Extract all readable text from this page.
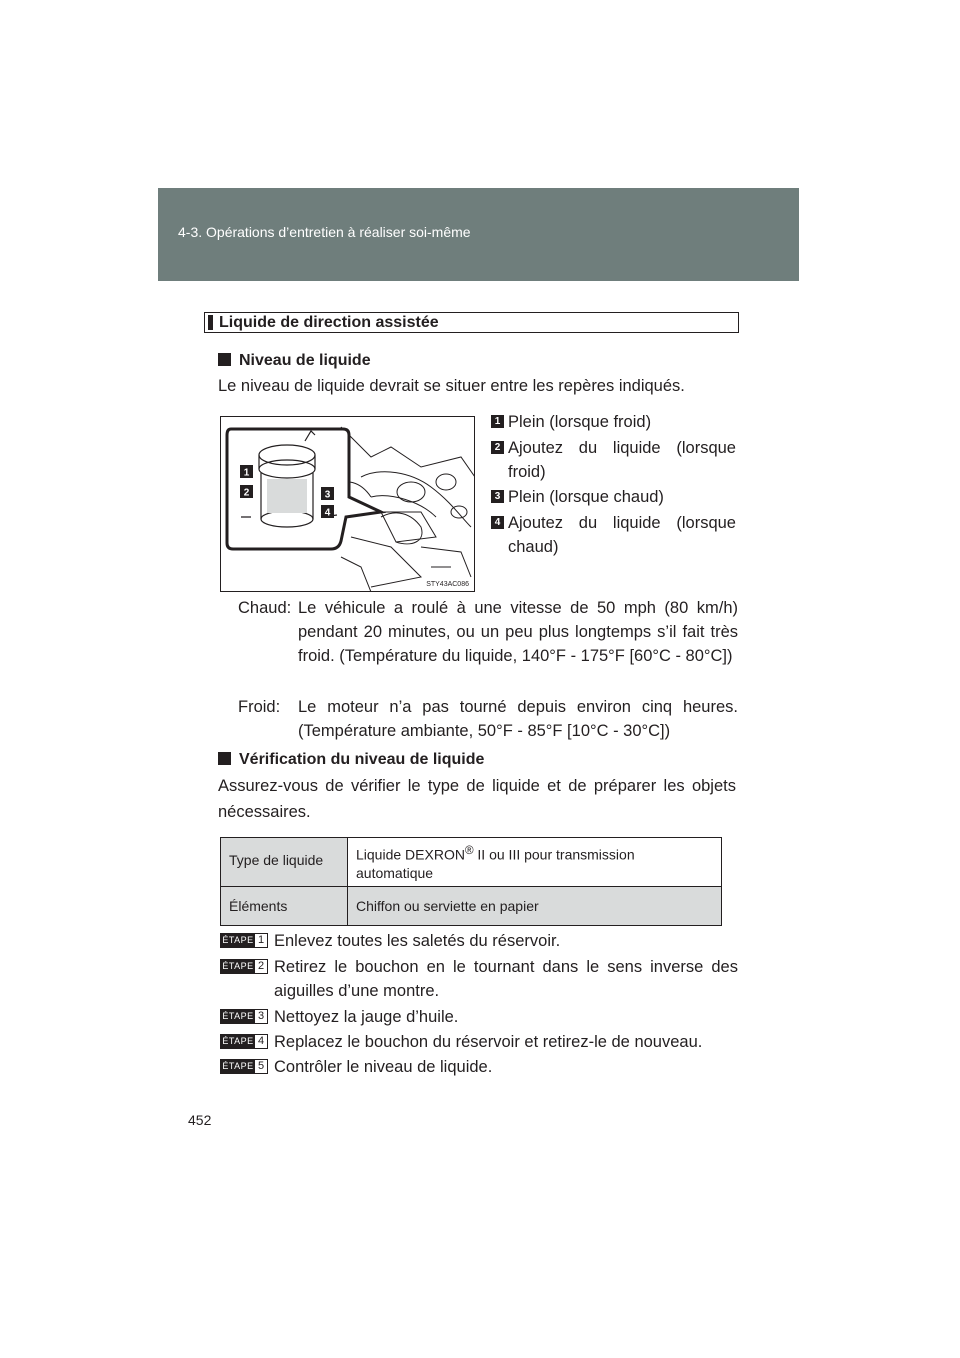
4-3. Opérations d’entretien à réaliser soi-même
Liquide de direction assistée
Niveau de liquide
Le niveau de liquide devrait se situer entre les repères indiqués.
1
2	3
4
STY43AC086
1 Plein (lorsque froid)
2 Ajoutez du liquide (lorsque froid)
3 Plein (lorsque chaud)
4 Ajoutez du liquide (lorsque chaud)
Chaud: Le véhicule a roulé à une vitesse de 50 mph (80 km/h) pendant 20 minutes, ou un peu plus longtemps s’il fait très froid. (Température du liquide, 140°F - 175°F [60°C - 80°C])
Froid: Le moteur n’a pas tourné depuis environ cinq heures. (Température ambiante, 50°F - 85°F [10°C - 30°C])
Vérification du niveau de liquide
Assurez-vous de vérifier le type de liquide et de préparer les objets nécessaires.
Type de liquide	Liquide DEXRON® II ou III pour transmission automatique
Éléments	Chiffon ou serviette en papier
ÉTAPE 1 Enlevez toutes les saletés du réservoir.
ÉTAPE 2 Retirez le bouchon en le tournant dans le sens inverse des aiguilles d’une montre.
ÉTAPE 3 Nettoyez la jauge d’huile.
ÉTAPE 4 Replacez le bouchon du réservoir et retirez-le de nouveau.
ÉTAPE 5 Contrôler le niveau de liquide.
452
